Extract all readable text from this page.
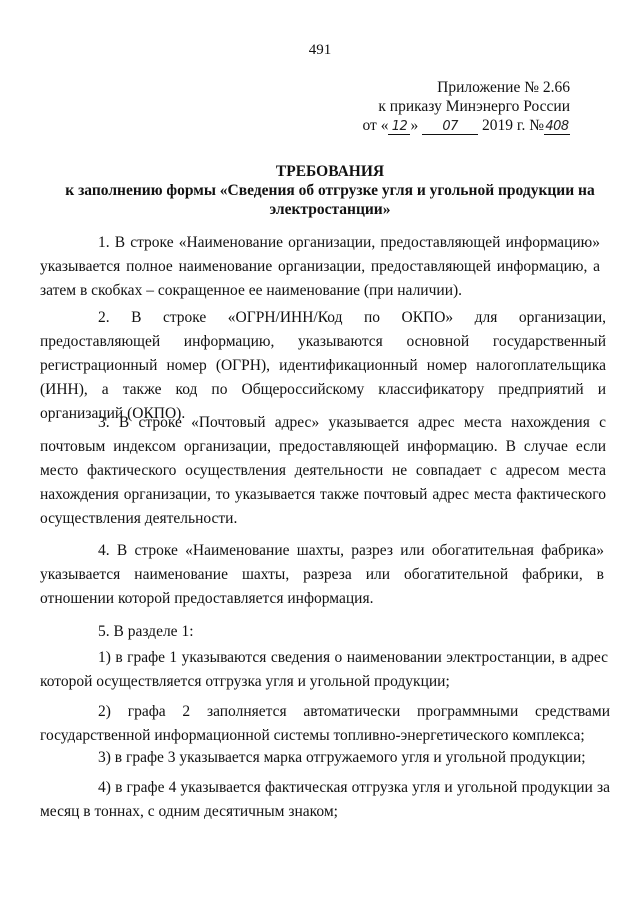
491
Приложение № 2.66
к приказу Минэнерго России
от « 12 » 07 2019 г. №408
ТРЕБОВАНИЯ
к заполнению формы «Сведения об отгрузке угля и угольной продукции на электростанции»
1. В строке «Наименование организации, предоставляющей информацию» указывается полное наименование организации, предоставляющей информацию, а затем в скобках – сокращенное ее наименование (при наличии).
2. В строке «ОГРН/ИНН/Код по ОКПО» для организации, предоставляющей информацию, указываются основной государственный регистрационный номер (ОГРН), идентификационный номер налогоплательщика (ИНН), а также код по Общероссийскому классификатору предприятий и организаций (ОКПО).
3. В строке «Почтовый адрес» указывается адрес места нахождения с почтовым индексом организации, предоставляющей информацию. В случае если место фактического осуществления деятельности не совпадает с адресом места нахождения организации, то указывается также почтовый адрес места фактического осуществления деятельности.
4. В строке «Наименование шахты, разрез или обогатительная фабрика» указывается наименование шахты, разреза или обогатительной фабрики, в отношении которой предоставляется информация.
5. В разделе 1:
1) в графе 1 указываются сведения о наименовании электростанции, в адрес которой осуществляется отгрузка угля и угольной продукции;
2) графа 2 заполняется автоматически программными средствами государственной информационной системы топливно-энергетического комплекса;
3) в графе 3 указывается марка отгружаемого угля и угольной продукции;
4) в графе 4 указывается фактическая отгрузка угля и угольной продукции за месяц в тоннах, с одним десятичным знаком;
